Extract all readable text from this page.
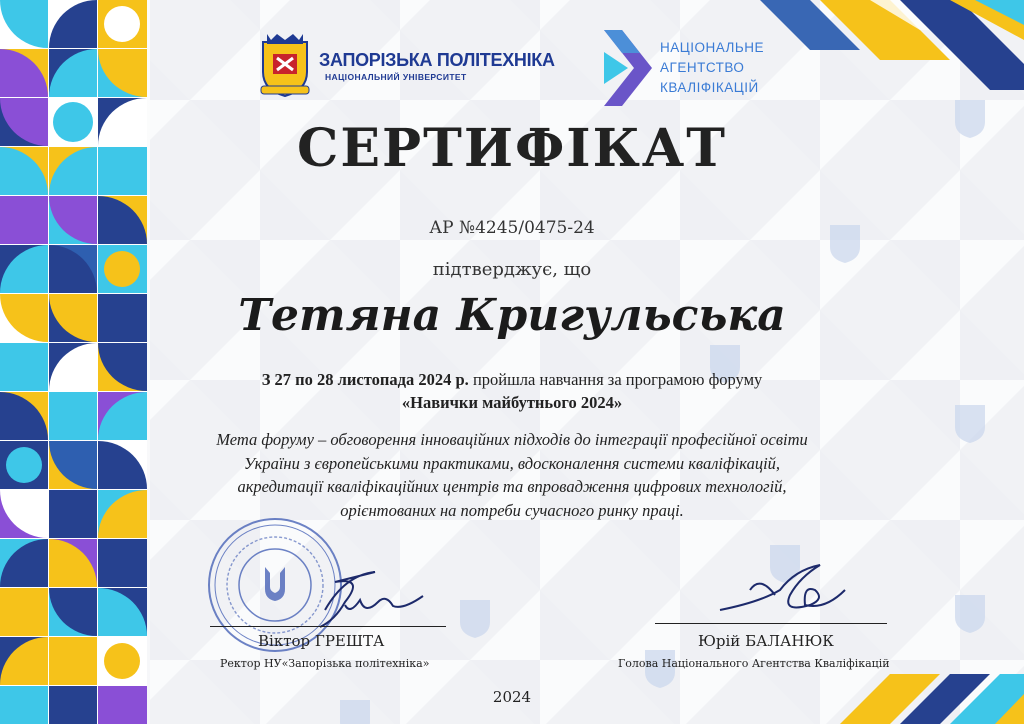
ЗАПОРІЗЬКА ПОЛІТЕХНІКА
НАЦІОНАЛЬНИЙ УНІВЕРСИТЕТ
НАЦІОНАЛЬНЕ
АГЕНТСТВО
КВАЛІФІКАЦІЙ
СЕРТИФІКАТ
АР №4245/0475-24
підтверджує, що
Тетяна Кригульська
З 27 по 28 листопада 2024 р. пройшла навчання за програмою форуму
«Навички майбутнього 2024»
Мета форуму – обговорення інноваційних підходів до інтеграції професійної освіти
України з європейськими практиками, вдосконалення системи кваліфікацій,
акредитації кваліфікаційних центрів та впровадження цифрових технологій,
орієнтованих на потреби сучасного ринку праці.
Віктор ГРЕШТА
Ректор НУ«Запорізька політехніка»
Юрій БАЛАНЮК
Голова Національного Агентства Кваліфікацій
2024
